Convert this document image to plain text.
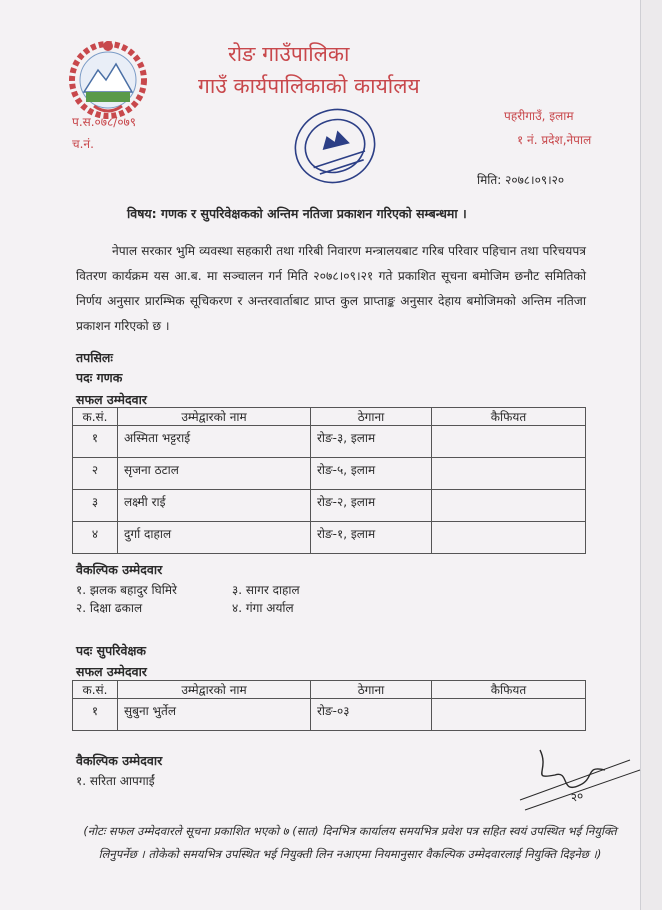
रोङ गाउँपालिका
गाउँ कार्यपालिकाको कार्यालय
प.स.०७८/०७९
च.नं.
पहरीगाउँ, इलाम
१ नं. प्रदेश,नेपाल
मिति: २०७८।०९।२०
विषय: गणक र सुपरिवेक्षकको अन्तिम नतिजा प्रकाशन गरिएको सम्बन्धमा ।
नेपाल सरकार भुमि व्यवस्था सहकारी तथा गरिबी निवारण मन्त्रालयबाट गरिब परिवार पहिचान तथा परिचयपत्र वितरण कार्यक्रम यस आ.ब. मा सञ्चालन गर्न मिति २०७८।०९।२१ गते प्रकाशित सूचना बमोजिम छनौट समितिको निर्णय अनुसार प्रारम्भिक सूचिकरण र अन्तरवार्ताबाट प्राप्त कुल प्राप्ताङ्क अनुसार देहाय बमोजिमको अन्तिम नतिजा प्रकाशन गरिएको छ ।
तपसिलः
पदः गणक
सफल उम्मेदवार
क.सं.	उम्मेद्वारको नाम	ठेगाना	कैफियत
१	अस्मिता भट्टराई	रोङ-३, इलाम	
२	सृजना ठटाल	रोङ-५, इलाम	
३	लक्ष्मी राई	रोङ-२, इलाम	
४	दुर्गा दाहाल	रोङ-१, इलाम	
वैकल्पिक उम्मेदवार
१. झलक बहादुर घिमिरे
२. दिक्षा ढकाल
३. सागर दाहाल
४. गंगा अर्याल
पदः सुपरिवेक्षक
सफल उम्मेदवार
क.सं.	उम्मेद्वारको नाम	ठेगाना	कैफियत
१	सुबुना भुर्तेल	रोङ-०३	
वैकल्पिक उम्मेदवार
१. सरिता आपगाईं
२०
(नोटः सफल उम्मेदवारले सूचना प्रकाशित भएको ७ (सात) दिनभित्र कार्यालय समयभित्र प्रवेश पत्र सहित स्वयं उपस्थित भई नियुक्ति लिनुपर्नेछ । तोकेको समयभित्र उपस्थित भई नियुक्ती लिन नआएमा नियमानुसार वैकल्पिक उम्मेदवारलाई नियुक्ति दिइनेछ ।)
